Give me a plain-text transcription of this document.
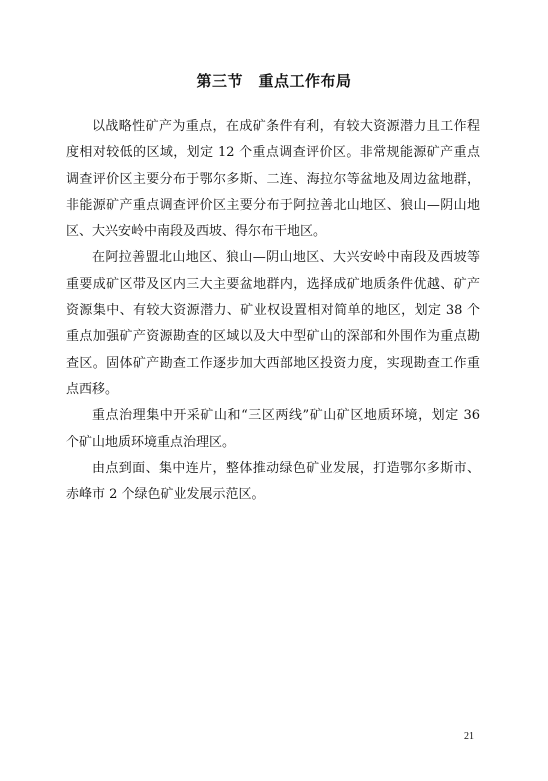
第三节　重点工作布局

以战略性矿产为重点，在成矿条件有利，有较大资源潜力且工作程度相对较低的区域，划定 12 个重点调查评价区。非常规能源矿产重点调查评价区主要分布于鄂尔多斯、二连、海拉尔等盆地及周边盆地群，非能源矿产重点调查评价区主要分布于阿拉善北山地区、狼山—阴山地区、大兴安岭中南段及西坡、得尔布干地区。

在阿拉善盟北山地区、狼山—阴山地区、大兴安岭中南段及西坡等重要成矿区带及区内三大主要盆地群内，选择成矿地质条件优越、矿产资源集中、有较大资源潜力、矿业权设置相对简单的地区，划定 38 个重点加强矿产资源勘查的区域以及大中型矿山的深部和外围作为重点勘查区。固体矿产勘查工作逐步加大西部地区投资力度，实现勘查工作重点西移。

重点治理集中开采矿山和“三区两线”矿山矿区地质环境，划定 36 个矿山地质环境重点治理区。

由点到面、集中连片，整体推动绿色矿业发展，打造鄂尔多斯市、赤峰市 2 个绿色矿业发展示范区。

21
